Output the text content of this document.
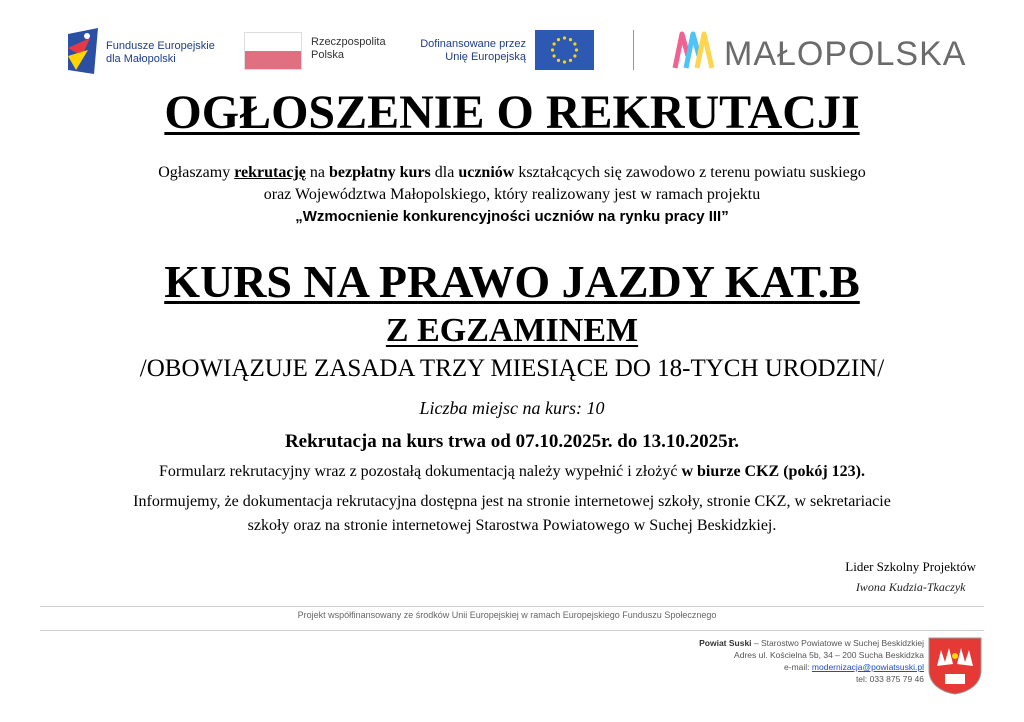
Fundusze Europejskie
dla Małopolski
Rzeczpospolita
Polska
Dofinansowane przez
Unię Europejską	MAŁOPOLSKA
OGŁOSZENIE O REKRUTACJI
Ogłaszamy rekrutację na bezpłatny kurs dla uczniów kształcących się zawodowo z terenu powiatu suskiego
oraz Województwa Małopolskiego, który realizowany jest w ramach projektu
„Wzmocnienie konkurencyjności uczniów na rynku pracy III”
KURS NA PRAWO JAZDY KAT.B
Z EGZAMINEM
/OBOWIĄZUJE ZASADA TRZY MIESIĄCE DO 18-TYCH URODZIN/
Liczba miejsc na kurs: 10
Rekrutacja na kurs trwa od 07.10.2025r. do 13.10.2025r.
Formularz rekrutacyjny wraz z pozostałą dokumentacją należy wypełnić i złożyć w biurze CKZ (pokój 123).
Informujemy, że dokumentacja rekrutacyjna dostępna jest na stronie internetowej szkoły, stronie CKZ, w sekretariacie
szkoły oraz na stronie internetowej Starostwa Powiatowego w Suchej Beskidzkiej.
Lider Szkolny Projektów
Iwona Kudzia-Tkaczyk
Projekt współfinansowany ze środków Unii Europejskiej w ramach Europejskiego Funduszu Społecznego
Powiat Suski – Starostwo Powiatowe w Suchej Beskidzkiej
Adres ul. Kościelna 5b, 34 – 200 Sucha Beskidzka
e-mail: modernizacja@powiatsuski.pl
tel: 033 875 79 46
